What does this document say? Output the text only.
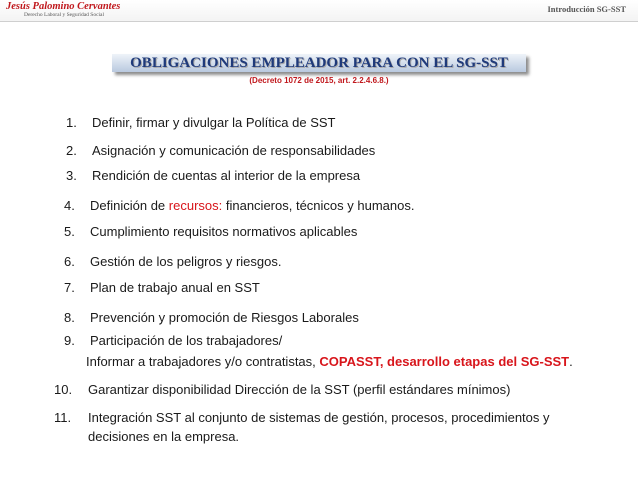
Jesús Palomino Cervantes
Derecho Laboral y Seguridad Social
Introducción SG-SST
OBLIGACIONES EMPLEADOR PARA CON EL SG-SST
(Decreto 1072 de 2015, art. 2.2.4.6.8.)
1. Definir, firmar y divulgar la Política de SST
2. Asignación y comunicación de responsabilidades
3. Rendición de cuentas al interior de la empresa
4. Definición de recursos: financieros, técnicos y humanos.
5. Cumplimiento requisitos normativos aplicables
6. Gestión de los peligros y riesgos.
7. Plan de trabajo anual en SST
8. Prevención y promoción de Riesgos Laborales
9. Participación de los trabajadores/
Informar a trabajadores y/o contratistas, COPASST, desarrollo etapas del SG-SST.
10. Garantizar disponibilidad Dirección de la SST (perfil estándares mínimos)
11. Integración SST al conjunto de sistemas de gestión, procesos, procedimientos y
decisiones en la empresa.
